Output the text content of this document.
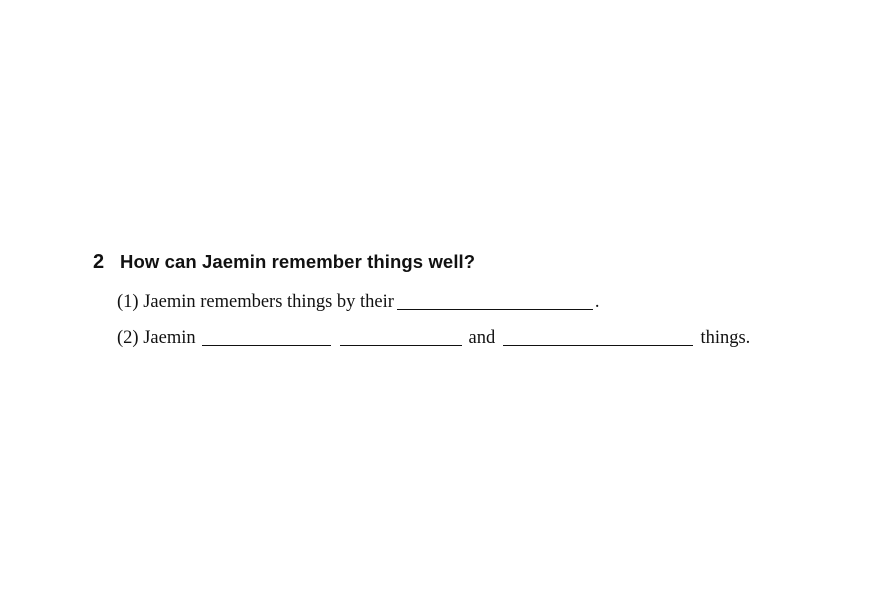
2 How can Jaemin remember things well?

(1) Jaemin remembers things by their	.

(2) Jaemin	and	things.
